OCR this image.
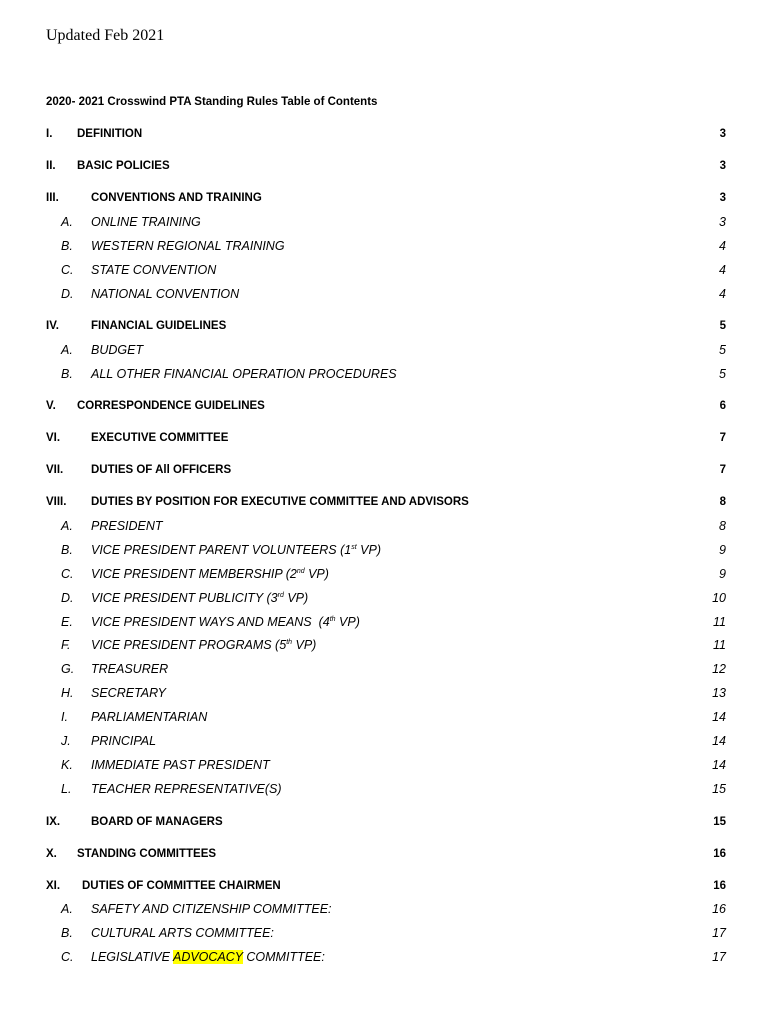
Updated Feb 2021
2020- 2021 Crosswind PTA Standing Rules Table of Contents
I. DEFINITION	3
II. BASIC POLICIES	3
III.	CONVENTIONS AND TRAINING	3
A. ONLINE TRAINING	3
B. WESTERN REGIONAL TRAINING	4
C. STATE CONVENTION	4
D. NATIONAL CONVENTION	4
IV.	FINANCIAL GUIDELINES	5
A. BUDGET	5
B. ALL OTHER FINANCIAL OPERATION PROCEDURES	5
V. CORRESPONDENCE GUIDELINES	6
VI.	EXECUTIVE COMMITTEE	7
VII. DUTIES OF All OFFICERS	7
VIII. DUTIES BY POSITION FOR EXECUTIVE COMMITTEE AND ADVISORS	8
A. PRESIDENT	8
B. VICE PRESIDENT PARENT VOLUNTEERS (1st VP)	9
C. VICE PRESIDENT MEMBERSHIP (2nd VP)	9
D. VICE PRESIDENT PUBLICITY (3rd VP)	10
E. VICE PRESIDENT WAYS AND MEANS  (4th VP)	11
F. VICE PRESIDENT PROGRAMS (5th VP)	11
G. TREASURER	12
H. SECRETARY	13
I. PARLIAMENTARIAN	14
J. PRINCIPAL	14
K. IMMEDIATE PAST PRESIDENT	14
L. TEACHER REPRESENTATIVE(S)	15
IX.	BOARD OF MANAGERS	15
X. STANDING COMMITTEES	16
XI. DUTIES OF COMMITTEE CHAIRMEN	16
A. SAFETY AND CITIZENSHIP COMMITTEE:	16
B. CULTURAL ARTS COMMITTEE:	17
C. LEGISLATIVE ADVOCACY COMMITTEE:	17
